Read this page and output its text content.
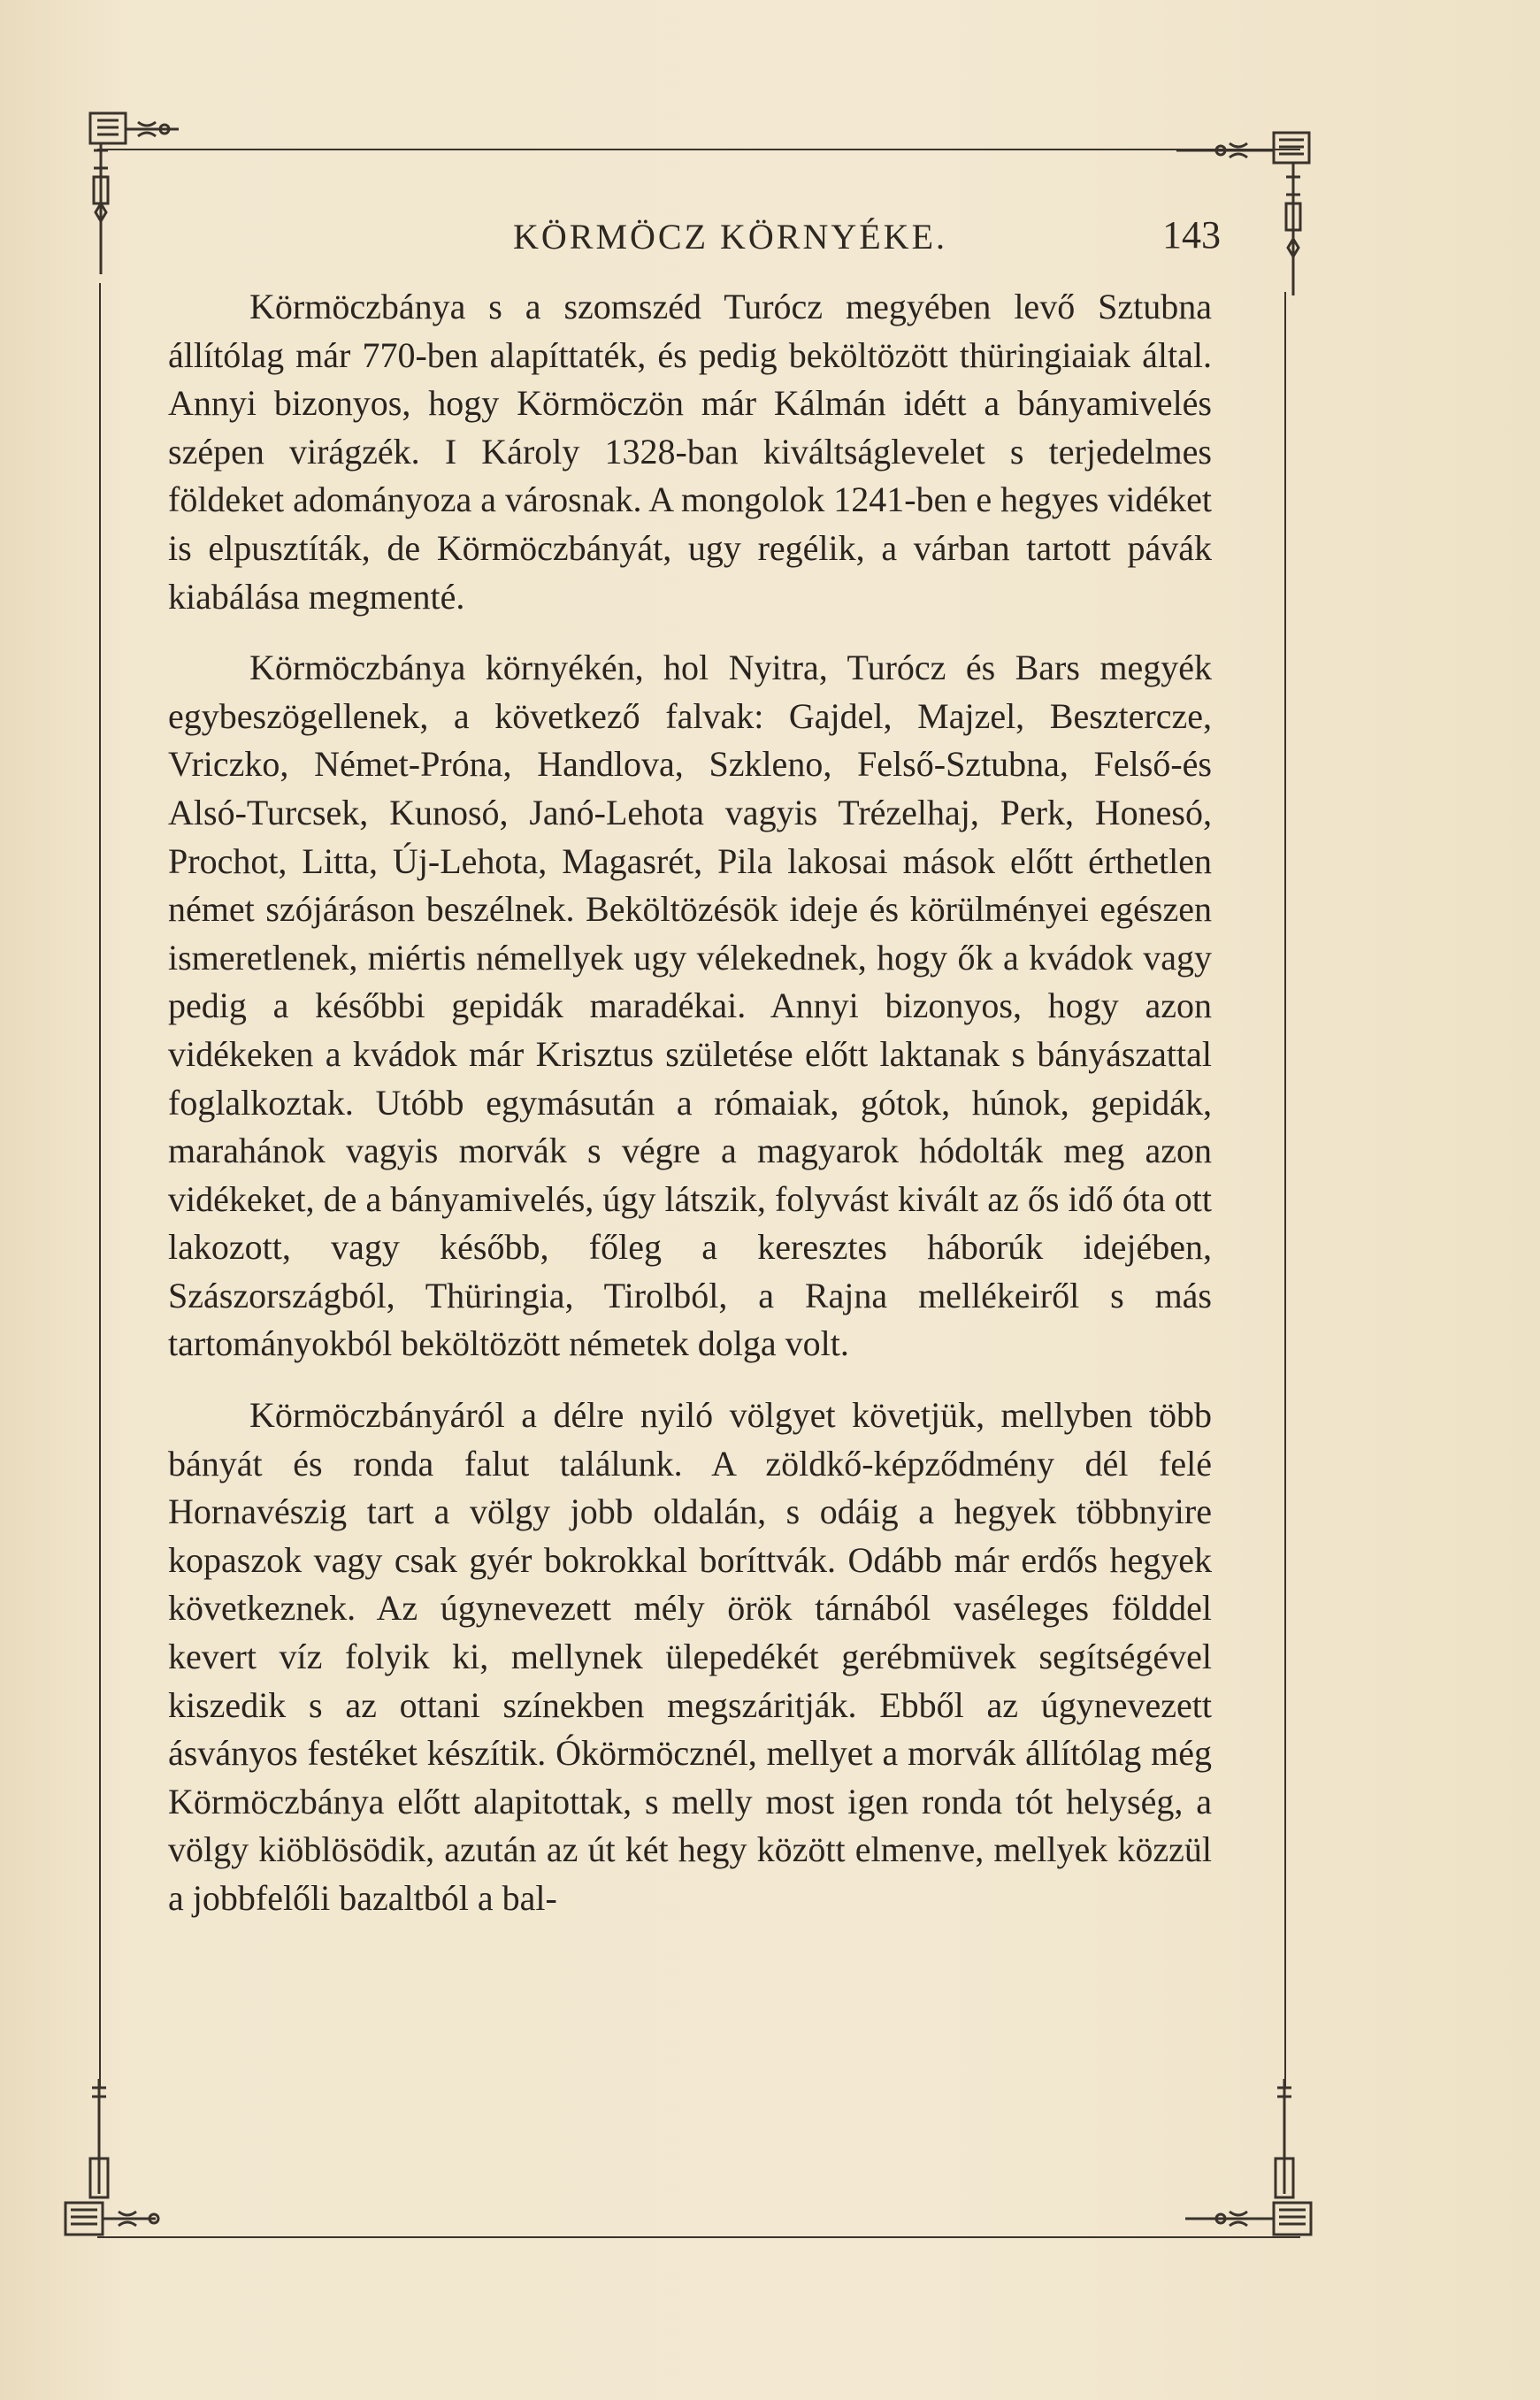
KÖRMÖCZ KÖRNYÉKE.	143

Körmöczbánya s a szomszéd Turócz megyében levő Sztubna állítólag már 770-ben alapíttaték, és pedig beköltözött thüringiaiak által. Annyi bizonyos, hogy Körmöczön már Kálmán idétt a bányamivelés szépen virágzék. I Károly 1328-ban kiváltságlevelet s terjedelmes földeket adományoza a városnak. A mongolok 1241-ben e hegyes vidéket is elpusztíták, de Körmöczbányát, ugy regélik, a várban tartott pávák kiabálása megmenté.

Körmöczbánya környékén, hol Nyitra, Turócz és Bars megyék egybeszögellenek, a következő falvak: Gajdel, Majzel, Besztercze, Vriczko, Német-Próna, Handlova, Szkleno, Felső-Sztubna, Felső-és Alsó-Turcsek, Kunosó, Janó-Lehota vagyis Trézelhaj, Perk, Honesó, Prochot, Litta, Új-Lehota, Magasrét, Pila lakosai mások előtt érthetlen német szójáráson beszélnek. Beköltözésök ideje és körülményei egészen ismeretlenek, miértis némellyek ugy vélekednek, hogy ők a kvádok vagy pedig a későbbi gepidák maradékai. Annyi bizonyos, hogy azon vidékeken a kvádok már Krisztus születése előtt laktanak s bányászattal foglalkoztak. Utóbb egymásután a rómaiak, gótok, húnok, gepidák, marahánok vagyis morvák s végre a magyarok hódolták meg azon vidékeket, de a bányamivelés, úgy látszik, folyvást kivált az ős idő óta ott lakozott, vagy később, főleg a keresztes háborúk idejében, Szászországból, Thüringia, Tirolból, a Rajna mellékeiről s más tartományokból beköltözött németek dolga volt.

Körmöczbányáról a délre nyiló völgyet követjük, mellyben több bányát és ronda falut találunk. A zöldkő-képződmény dél felé Hornavészig tart a völgy jobb oldalán, s odáig a hegyek többnyire kopaszok vagy csak gyér bokrokkal boríttvák. Odább már erdős hegyek következnek. Az úgynevezett mély örök tárnából vaséleges földdel kevert víz folyik ki, mellynek ülepedékét gerébmüvek segítségével kiszedik s az ottani színekben megszáritják. Ebből az úgynevezett ásványos festéket készítik. Ókörmöcznél, mellyet a morvák állítólag még Körmöczbánya előtt alapitottak, s melly most igen ronda tót helység, a völgy kiöblösödik, azután az út két hegy között elmenve, mellyek közzül a jobbfelőli bazaltból a bal-
